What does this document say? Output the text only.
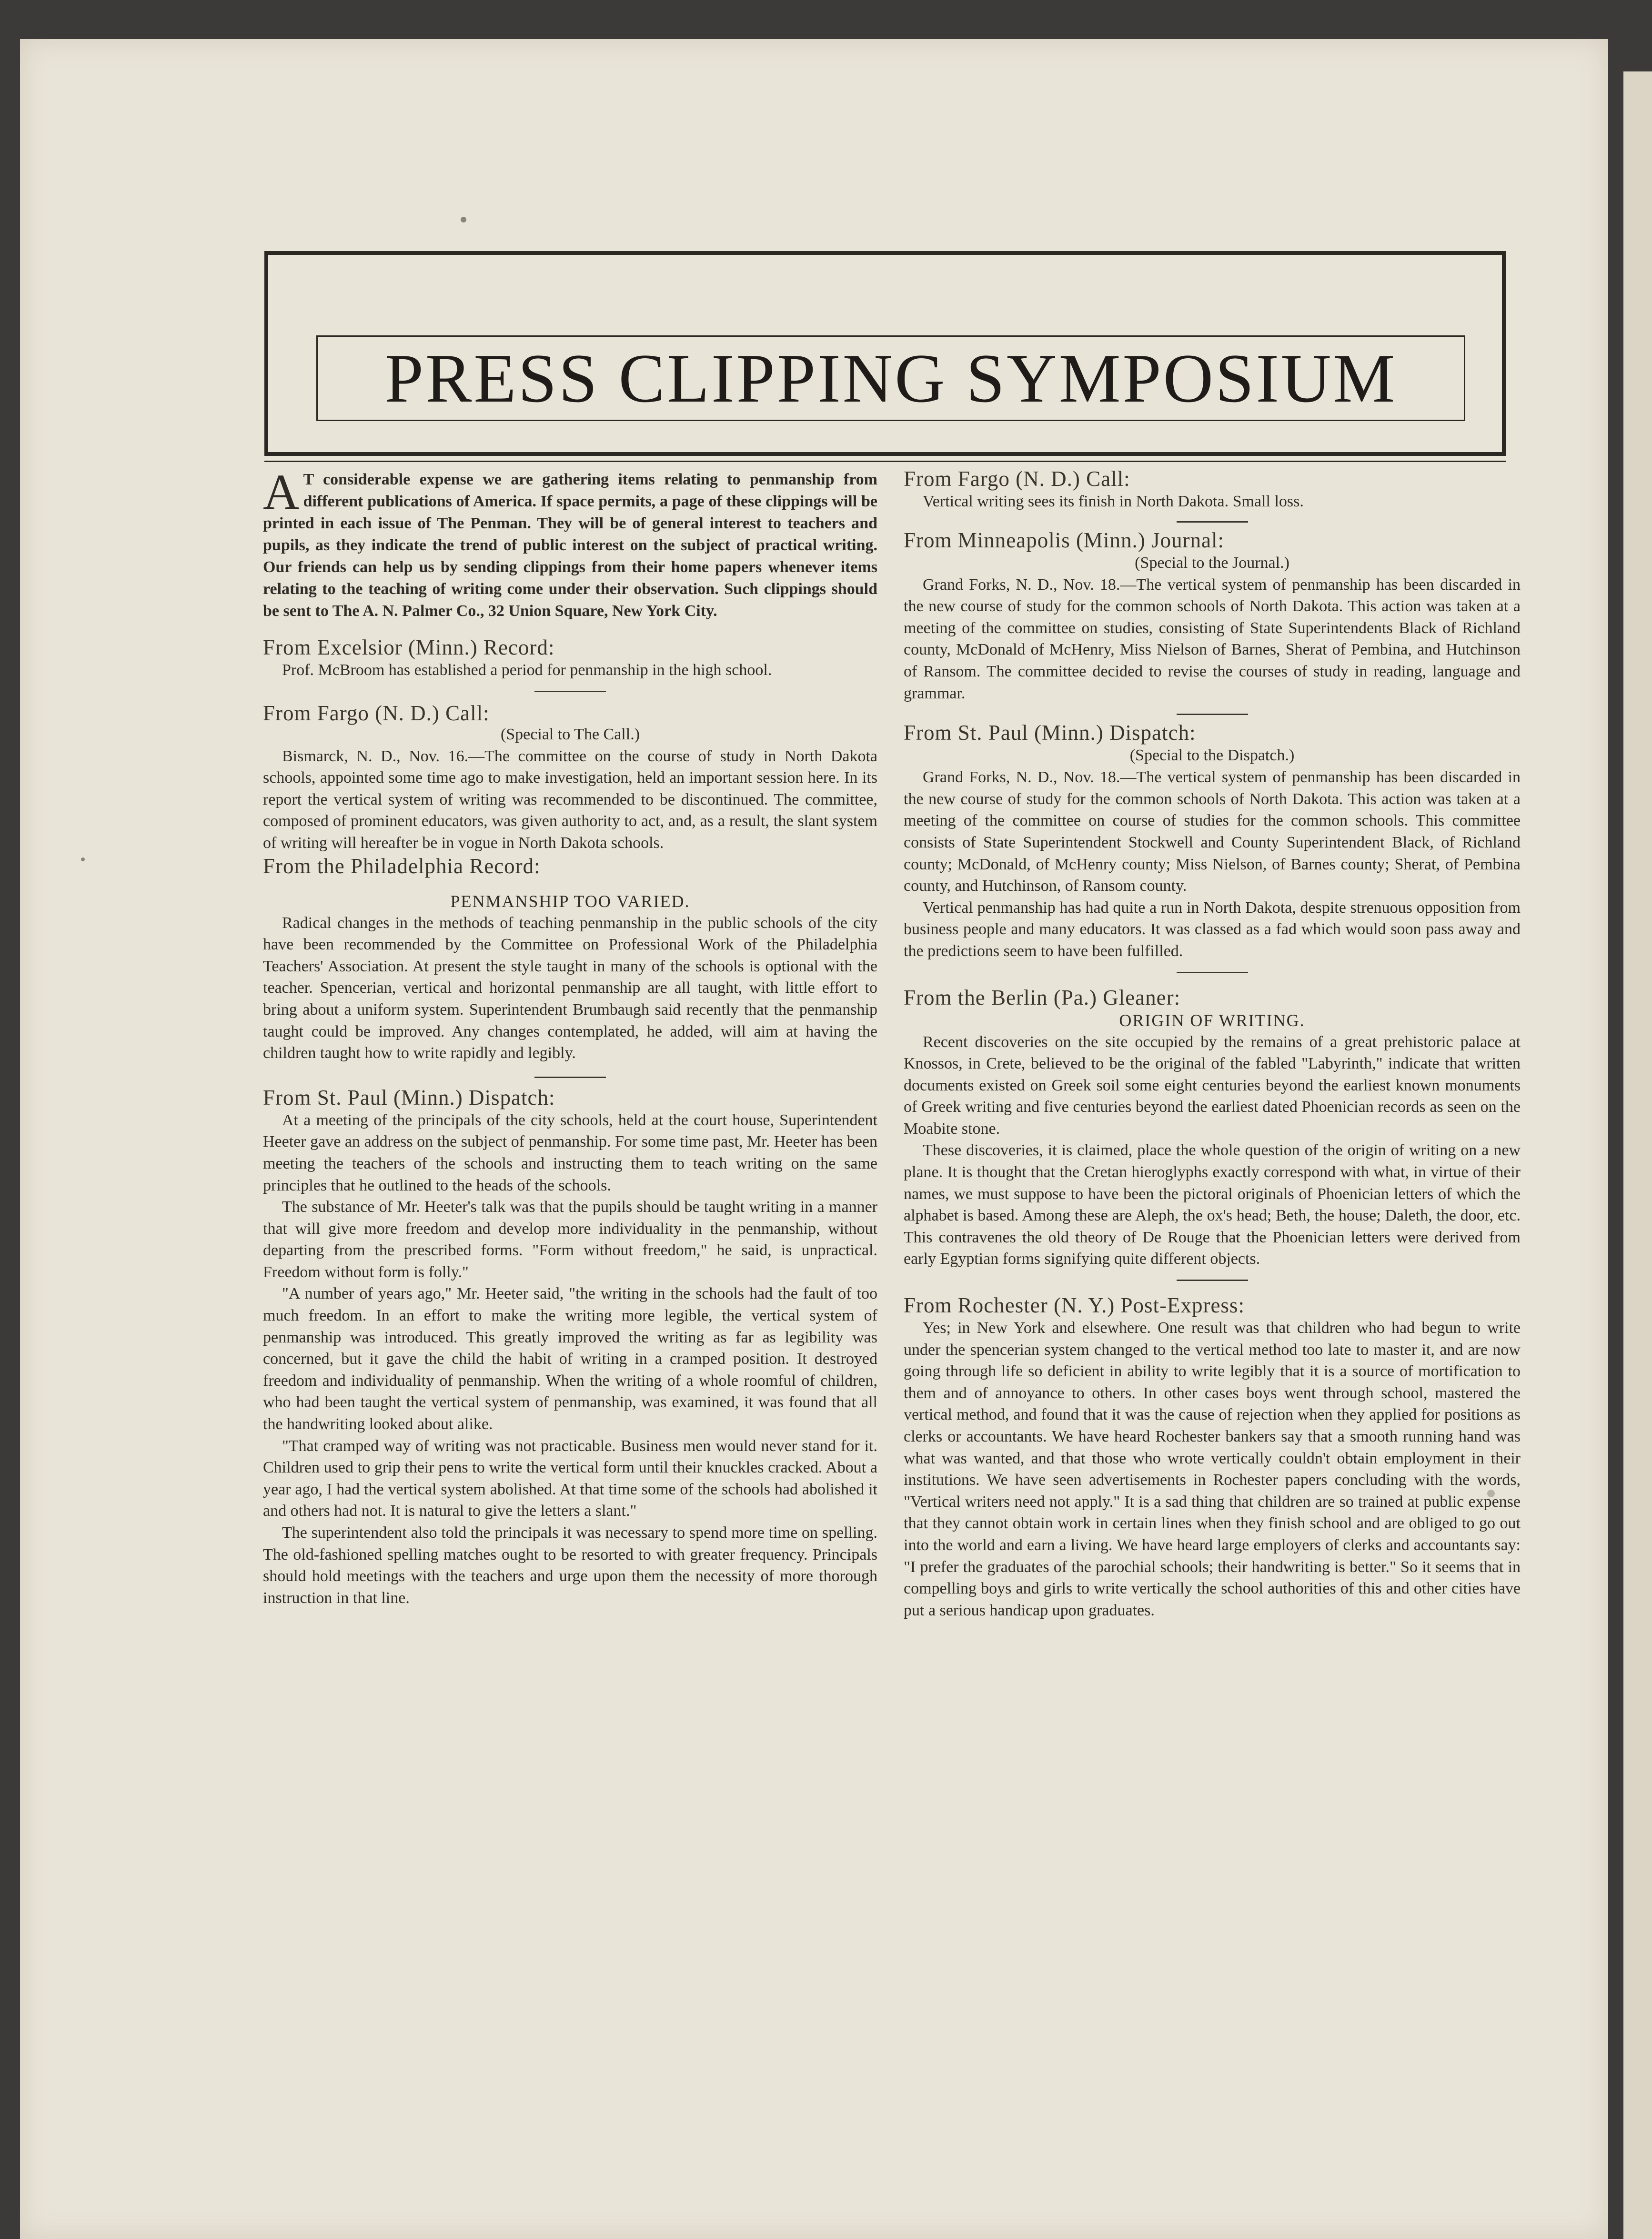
PRESS CLIPPING SYMPOSIUM
A T considerable expense we are gathering items relating to penmanship from different publications of America. If space permits, a page of these clippings will be printed in each issue of The Penman. They will be of general interest to teachers and pupils, as they indicate the trend of public interest on the subject of practical writing. Our friends can help us by sending clippings from their home papers whenever items relating to the teaching of writing come under their observation. Such clippings should be sent to The A. N. Palmer Co., 32 Union Square, New York City.
From Excelsior (Minn.) Record:

Prof. McBroom has established a period for penmanship in the high school.

From Fargo (N. D.) Call:
(Special to The Call.)

Bismarck, N. D., Nov. 16.—The committee on the course of study in North Dakota schools, appointed some time ago to make investigation, held an important session here. In its report the vertical system of writing was recommended to be discontinued. The committee, composed of prominent educators, was given authority to act, and, as a result, the slant system of writing will hereafter be in vogue in North Dakota schools.

From the Philadelphia Record:
PENMANSHIP TOO VARIED.

Radical changes in the methods of teaching penmanship in the public schools of the city have been recommended by the Committee on Professional Work of the Philadelphia Teachers' Association. At present the style taught in many of the schools is optional with the teacher. Spencerian, vertical and horizontal penmanship are all taught, with little effort to bring about a uniform system. Superintendent Brumbaugh said recently that the penmanship taught could be improved. Any changes contemplated, he added, will aim at having the children taught how to write rapidly and legibly.

From St. Paul (Minn.) Dispatch:

At a meeting of the principals of the city schools, held at the court house, Superintendent Heeter gave an address on the subject of penmanship. For some time past, Mr. Heeter has been meeting the teachers of the schools and instructing them to teach writing on the same principles that he outlined to the heads of the schools.

The substance of Mr. Heeter's talk was that the pupils should be taught writing in a manner that will give more freedom and develop more individuality in the penmanship, without departing from the prescribed forms. "Form without freedom," he said, is unpractical. Freedom without form is folly."

"A number of years ago," Mr. Heeter said, "the writing in the schools had the fault of too much freedom. In an effort to make the writing more legible, the vertical system of penmanship was introduced. This greatly improved the writing as far as legibility was concerned, but it gave the child the habit of writing in a cramped position. It destroyed freedom and individuality of penmanship. When the writing of a whole roomful of children, who had been taught the vertical system of penmanship, was examined, it was found that all the handwriting looked about alike.

"That cramped way of writing was not practicable. Business men would never stand for it. Children used to grip their pens to write the vertical form until their knuckles cracked. About a year ago, I had the vertical system abolished. At that time some of the schools had abolished it and others had not. It is natural to give the letters a slant."

The superintendent also told the principals it was necessary to spend more time on spelling. The old-fashioned spelling matches ought to be resorted to with greater frequency. Principals should hold meetings with the teachers and urge upon them the necessity of more thorough instruction in that line.

From Fargo (N. D.) Call:

Vertical writing sees its finish in North Dakota. Small loss.

From Minneapolis (Minn.) Journal:
(Special to the Journal.)

Grand Forks, N. D., Nov. 18.—The vertical system of penmanship has been discarded in the new course of study for the common schools of North Dakota. This action was taken at a meeting of the committee on studies, consisting of State Superintendents Black of Richland county, McDonald of McHenry, Miss Nielson of Barnes, Sherat of Pembina, and Hutchinson of Ransom. The committee decided to revise the courses of study in reading, language and grammar.

From St. Paul (Minn.) Dispatch:
(Special to the Dispatch.)

Grand Forks, N. D., Nov. 18.—The vertical system of penmanship has been discarded in the new course of study for the common schools of North Dakota. This action was taken at a meeting of the committee on course of studies for the common schools. This committee consists of State Superintendent Stockwell and County Superintendent Black, of Richland county; McDonald, of McHenry county; Miss Nielson, of Barnes county; Sherat, of Pembina county, and Hutchinson, of Ransom county.

Vertical penmanship has had quite a run in North Dakota, despite strenuous opposition from business people and many educators. It was classed as a fad which would soon pass away and the predictions seem to have been fulfilled.

From the Berlin (Pa.) Gleaner:
ORIGIN OF WRITING.

Recent discoveries on the site occupied by the remains of a great prehistoric palace at Knossos, in Crete, believed to be the original of the fabled "Labyrinth," indicate that written documents existed on Greek soil some eight centuries beyond the earliest known monuments of Greek writing and five centuries beyond the earliest dated Phoenician records as seen on the Moabite stone.

These discoveries, it is claimed, place the whole question of the origin of writing on a new plane. It is thought that the Cretan hieroglyphs exactly correspond with what, in virtue of their names, we must suppose to have been the pictoral originals of Phoenician letters of which the alphabet is based. Among these are Aleph, the ox's head; Beth, the house; Daleth, the door, etc. This contravenes the old theory of De Rouge that the Phoenician letters were derived from early Egyptian forms signifying quite different objects.

From Rochester (N. Y.) Post-Express:

Yes; in New York and elsewhere. One result was that children who had begun to write under the spencerian system changed to the vertical method too late to master it, and are now going through life so deficient in ability to write legibly that it is a source of mortification to them and of annoyance to others. In other cases boys went through school, mastered the vertical method, and found that it was the cause of rejection when they applied for positions as clerks or accountants. We have heard Rochester bankers say that a smooth running hand was what was wanted, and that those who wrote vertically couldn't obtain employment in their institutions. We have seen advertisements in Rochester papers concluding with the words, "Vertical writers need not apply." It is a sad thing that children are so trained at public expense that they cannot obtain work in certain lines when they finish school and are obliged to go out into the world and earn a living. We have heard large employers of clerks and accountants say: "I prefer the graduates of the parochial schools; their handwriting is better." So it seems that in compelling boys and girls to write vertically the school authorities of this and other cities have put a serious handicap upon graduates.
